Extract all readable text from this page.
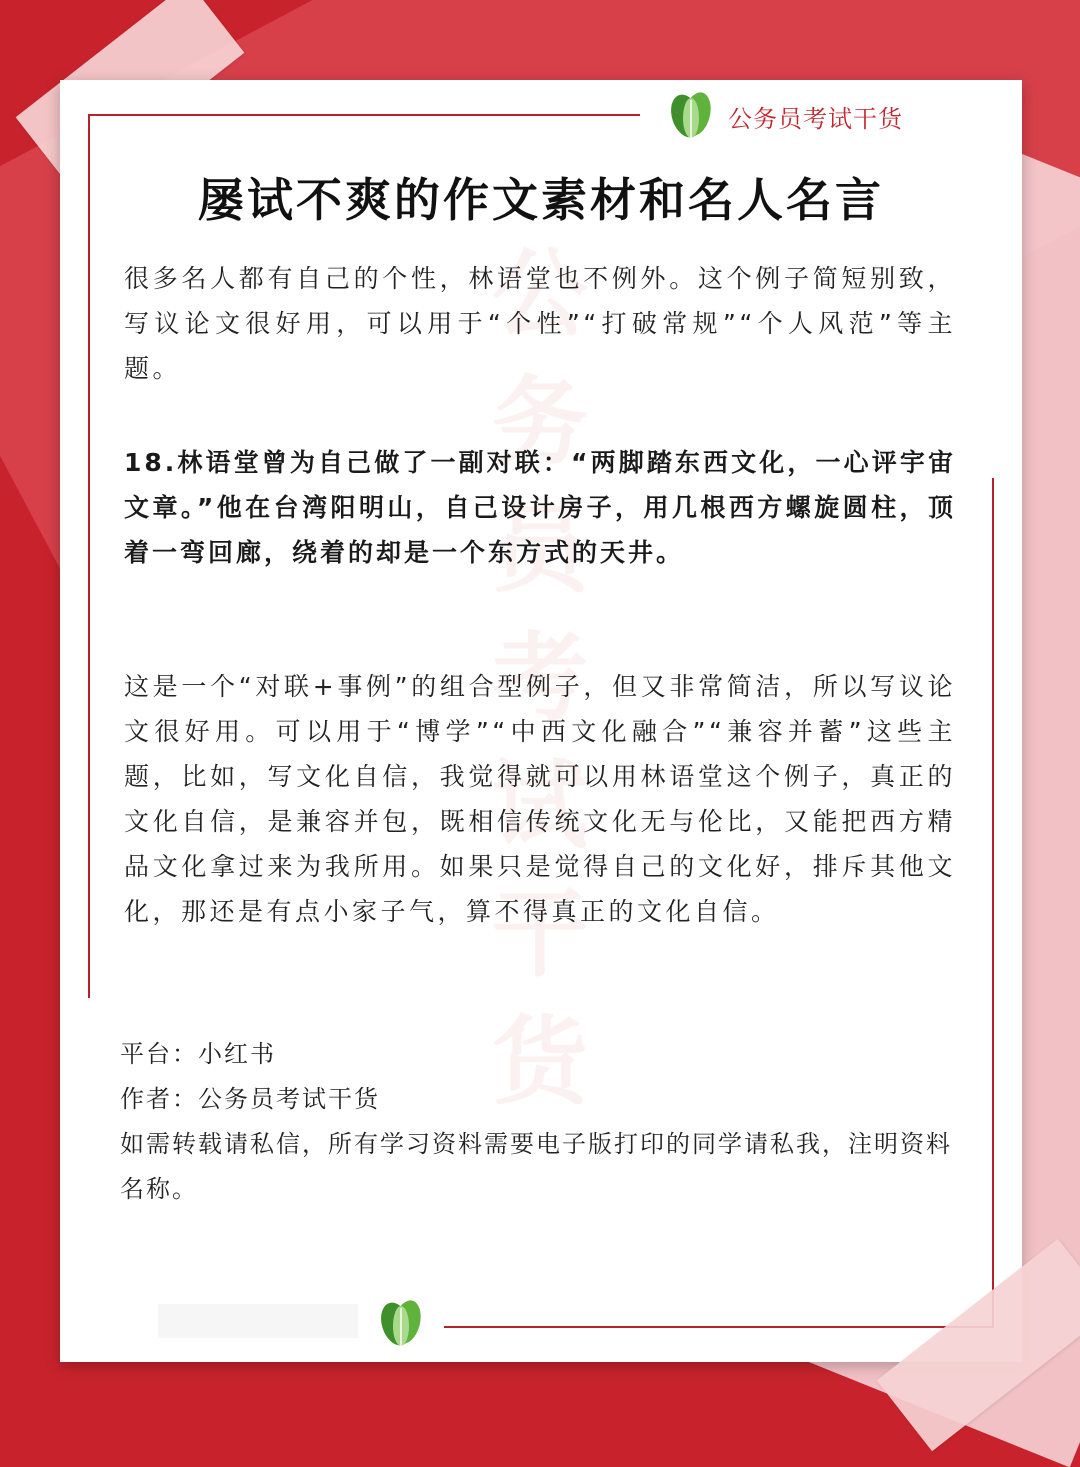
公务员考试干货
公务员考试干货
屡试不爽的作文素材和名人名言

很多名人都有自己的个性，林语堂也不例外。这个例子简短别致，写议论文很好用，可以用于“个性”“打破常规”“个人风范”等主题。

18.林语堂曾为自己做了一副对联：“两脚踏东西文化，一心评宇宙文章。”他在台湾阳明山，自己设计房子，用几根西方螺旋圆柱，顶着一弯回廊，绕着的却是一个东方式的天井。

这是一个“对联+事例”的组合型例子，但又非常简洁，所以写议论文很好用。可以用于“博学”“中西文化融合”“兼容并蓄”这些主题，比如，写文化自信，我觉得就可以用林语堂这个例子，真正的文化自信，是兼容并包，既相信传统文化无与伦比，又能把西方精品文化拿过来为我所用。如果只是觉得自己的文化好，排斥其他文化，那还是有点小家子气，算不得真正的文化自信。

平台：小红书

作者：公务员考试干货

如需转载请私信，所有学习资料需要电子版打印的同学请私我，注明资料名称。
